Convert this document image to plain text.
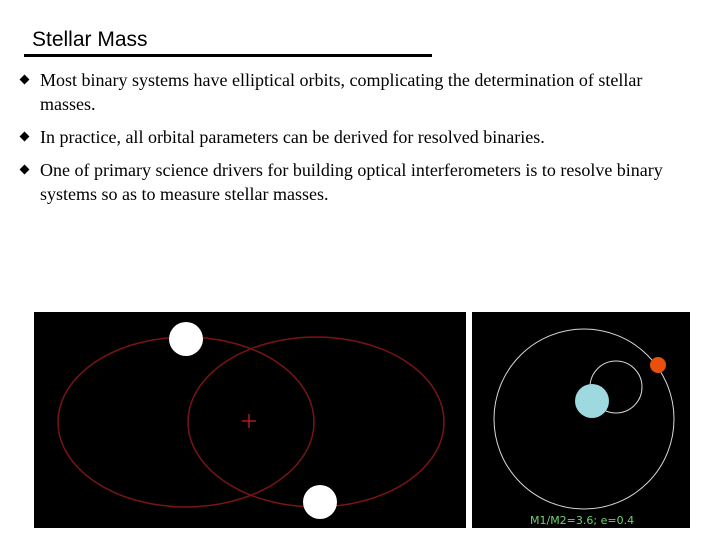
Stellar Mass
Most binary systems have elliptical orbits, complicating the determination of stellar masses.
In practice, all orbital parameters can be derived for resolved binaries.
One of primary science drivers for building optical interferometers is to resolve binary systems so as to measure stellar masses.
M1/M2=3.6; e=0.4
